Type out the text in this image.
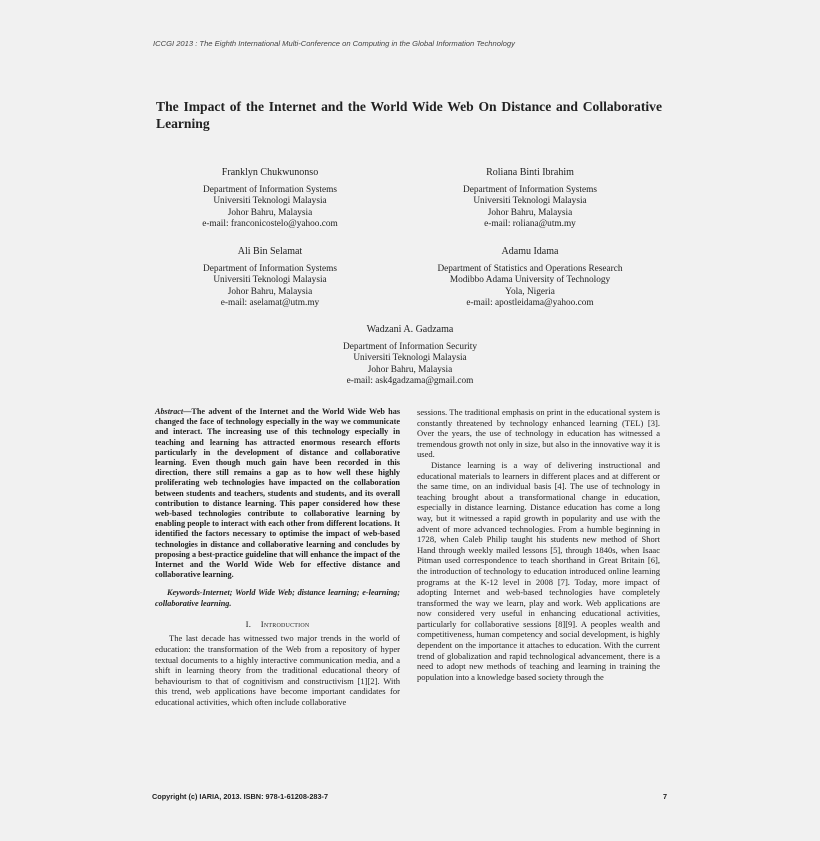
ICCGI 2013 : The Eighth International Multi-Conference on Computing in the Global Information Technology
The Impact of the Internet and the World Wide Web On Distance and Collaborative Learning
Franklyn Chukwunonso
Department of Information Systems
Universiti Teknologi Malaysia
Johor Bahru, Malaysia
e-mail: franconicostelo@yahoo.com
Roliana Binti Ibrahim
Department of Information Systems
Universiti Teknologi Malaysia
Johor Bahru, Malaysia
e-mail: roliana@utm.my
Ali Bin Selamat
Department of Information Systems
Universiti Teknologi Malaysia
Johor Bahru, Malaysia
e-mail: aselamat@utm.my
Adamu Idama
Department of Statistics and Operations Research
Modibbo Adama University of Technology
Yola, Nigeria
e-mail: apostleidama@yahoo.com
Wadzani A. Gadzama
Department of Information Security
Universiti Teknologi Malaysia
Johor Bahru, Malaysia
e-mail: ask4gadzama@gmail.com

Abstract—The advent of the Internet and the World Wide Web has changed the face of technology especially in the way we communicate and interact. The increasing use of this technology especially in teaching and learning has attracted enormous research efforts particularly in the development of distance and collaborative learning. Even though much gain have been recorded in this direction, there still remains a gap as to how well these highly proliferating web technologies have impacted on the collaboration between students and teachers, students and students, and its overall contribution to distance learning. This paper considered how these web-based technologies contribute to collaborative learning by enabling people to interact with each other from different locations. It identified the factors necessary to optimise the impact of web-based technologies in distance and collaborative learning and concludes by proposing a best-practice guideline that will enhance the impact of the Internet and the World Wide Web for effective distance and collaborative learning.

Keywords-Internet; World Wide Web; distance learning; e-learning; collaborative learning.

I. Introduction

The last decade has witnessed two major trends in the world of education: the transformation of the Web from a repository of hyper textual documents to a highly interactive communication media, and a shift in learning theory from the traditional educational theory of behaviourism to that of cognitivism and constructivism [1][2]. With this trend, web applications have become important candidates for educational activities, which often include collaborative

sessions. The traditional emphasis on print in the educational system is constantly threatened by technology enhanced learning (TEL) [3]. Over the years, the use of technology in education has witnessed a tremendous growth not only in size, but also in the innovative way it is used.

Distance learning is a way of delivering instructional and educational materials to learners in different places and at different or the same time, on an individual basis [4]. The use of technology in teaching brought about a transformational change in education, especially in distance learning. Distance education has come a long way, but it witnessed a rapid growth in popularity and use with the advent of more advanced technologies. From a humble beginning in 1728, when Caleb Philip taught his students new method of Short Hand through weekly mailed lessons [5], through 1840s, when Isaac Pitman used correspondence to teach shorthand in Great Britain [6], the introduction of technology to education introduced online learning programs at the K-12 level in 2008 [7]. Today, more impact of adopting Internet and web-based technologies have completely transformed the way we learn, play and work. Web applications are now considered very useful in enhancing educational activities, particularly for collaborative sessions [8][9]. A peoples wealth and competitiveness, human competency and social development, is highly dependent on the importance it attaches to education. With the current trend of globalization and rapid technological advancement, there is a need to adopt new methods of teaching and learning in training the population into a knowledge based society through the

Copyright (c) IARIA, 2013. ISBN: 978-1-61208-283-7	7
